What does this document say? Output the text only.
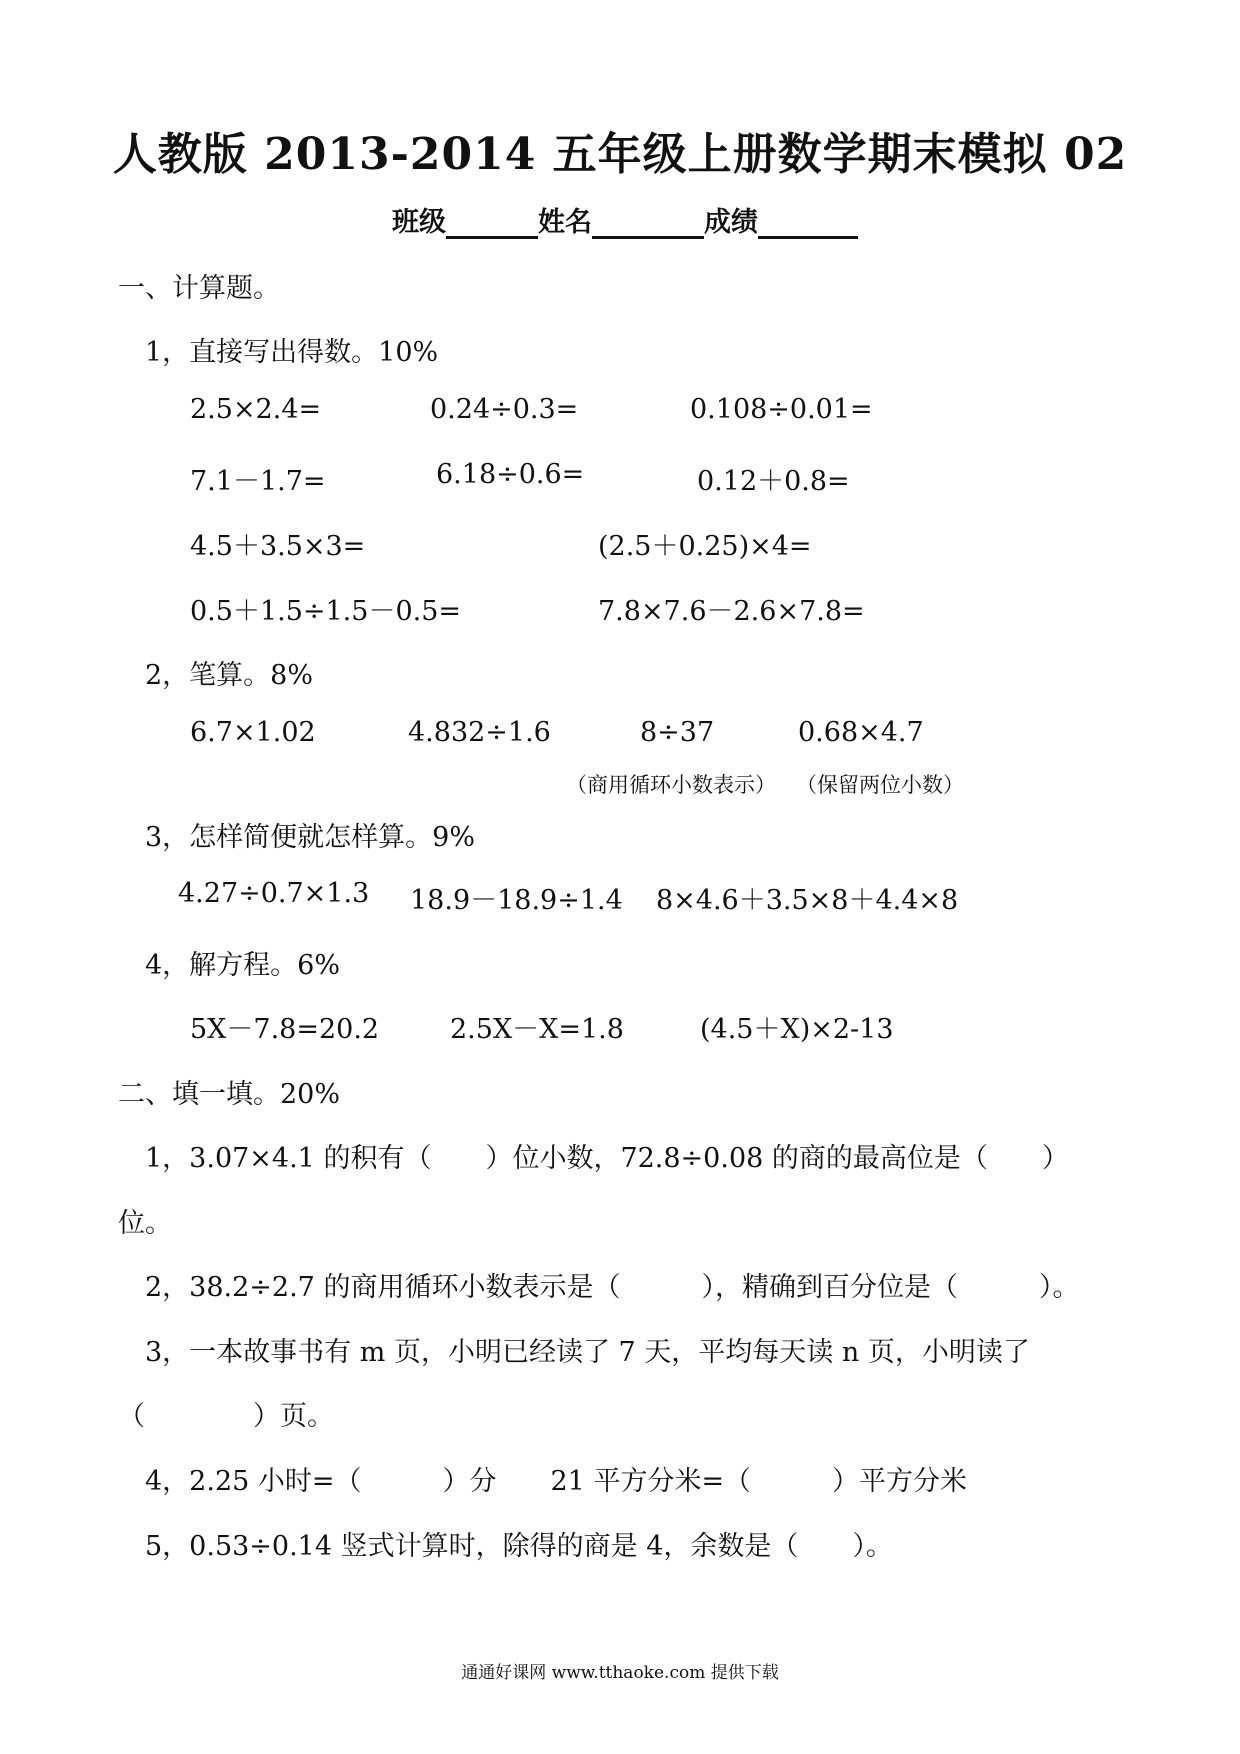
人教版 2013-2014 五年级上册数学期末模拟 02
班级	姓名	成绩
一、计算题。
1，直接写出得数。10%
2.5×2.4=	0.24÷0.3=	0.108÷0.01=
7.1－1.7=	6.18÷0.6=	0.12＋0.8=
4.5＋3.5×3=	(2.5＋0.25)×4=
0.5＋1.5÷1.5－0.5=	7.8×7.6－2.6×7.8=
2，笔算。8%
6.7×1.02	4.832÷1.6	8÷37	0.68×4.7
（商用循环小数表示） （保留两位小数）
3，怎样简便就怎样算。9%
4.27÷0.7×1.3 18.9－18.9÷1.4 8×4.6＋3.5×8＋4.4×8
4，解方程。6%
5X－7.8=20.2	2.5X－X=1.8	(4.5＋X)×2-13
二、填一填。20%
1，3.07×4.1 的积有（　　）位小数，72.8÷0.08 的商的最高位是（　　）
位。
2，38.2÷2.7 的商用循环小数表示是（　　　），精确到百分位是（　　　）。
3，一本故事书有 m 页，小明已经读了 7 天，平均每天读 n 页，小明读了
（　　　　）页。
4，2.25 小时=（　　　）分　　21 平方分米=（　　　）平方分米
5，0.53÷0.14 竖式计算时，除得的商是 4，余数是（　　）。
通通好课网 www.tthaoke.com 提供下载
